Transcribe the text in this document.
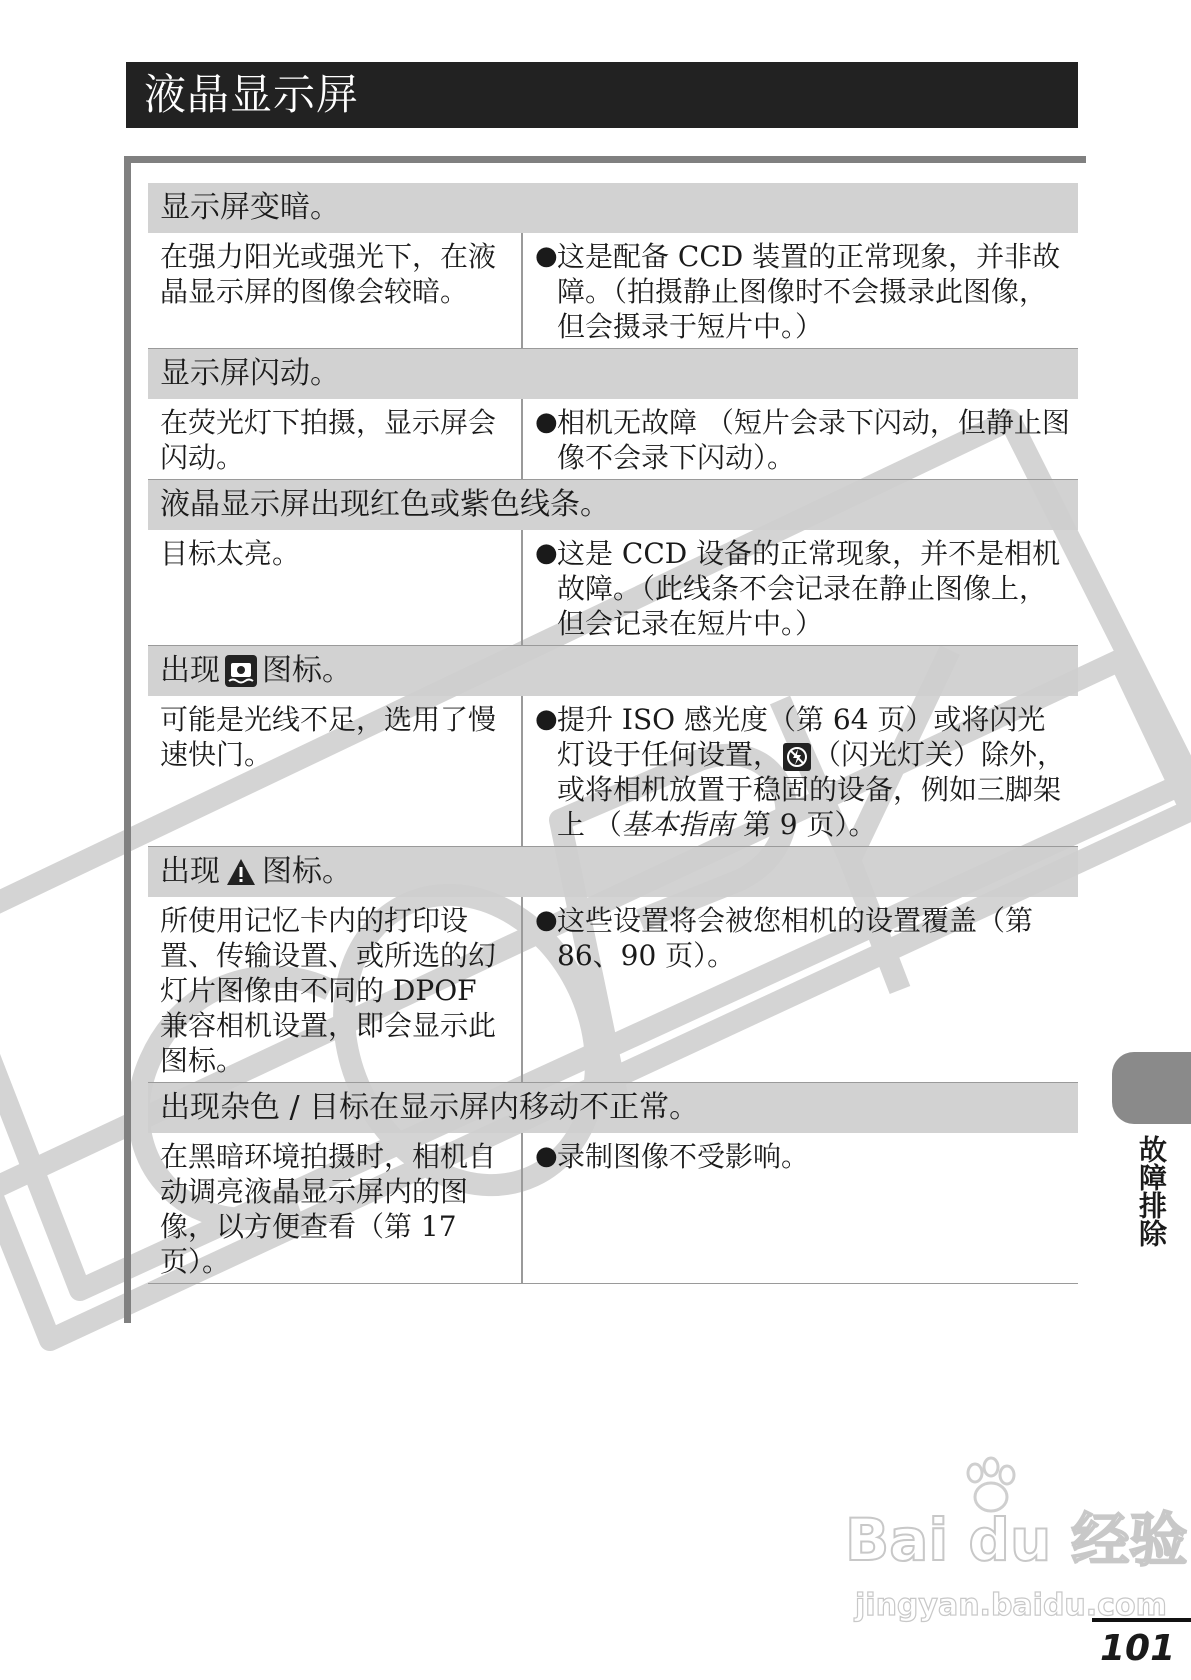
液晶显示屏
显示屏变暗。
在强力阳光或强光下，在液晶显示屏的图像会较暗。
● 这是配备 CCD 装置的正常现象，并非故障。（拍摄静止图像时不会摄录此图像，但会摄录于短片中。）
显示屏闪动。
在荧光灯下拍摄，显示屏会闪动。
● 相机无故障 （短片会录下闪动，但静止图像不会录下闪动）。
液晶显示屏出现红色或紫色线条。
目标太亮。	● 这是 CCD 设备的正常现象，并不是相机故障。（此线条不会记录在静止图像上，但会记录在短片中。）
出现 图标。
可能是光线不足，选用了慢速快门。
● 提升 ISO 感光度（第 64 页）或将闪光灯设于任何设置， （闪光灯关）除外，或将相机放置于稳固的设备，例如三脚架上 （基本指南 第 9 页）。
出现 图标。
所使用记忆卡内的打印设置、传输设置、或所选的幻灯片图像由不同的 DPOF 兼容相机设置，即会显示此图标。
● 这些设置将会被您相机的设置覆盖（第 86、90 页）。
出现杂色 / 目标在显示屏内移动不正常。
在黑暗环境拍摄时，相机自动调亮液晶显示屏内的图像，以方便查看（第 17 页）。
● 录制图像不受影响。	故障排除
Bai du 经验
jingyan.baidu.com
101
